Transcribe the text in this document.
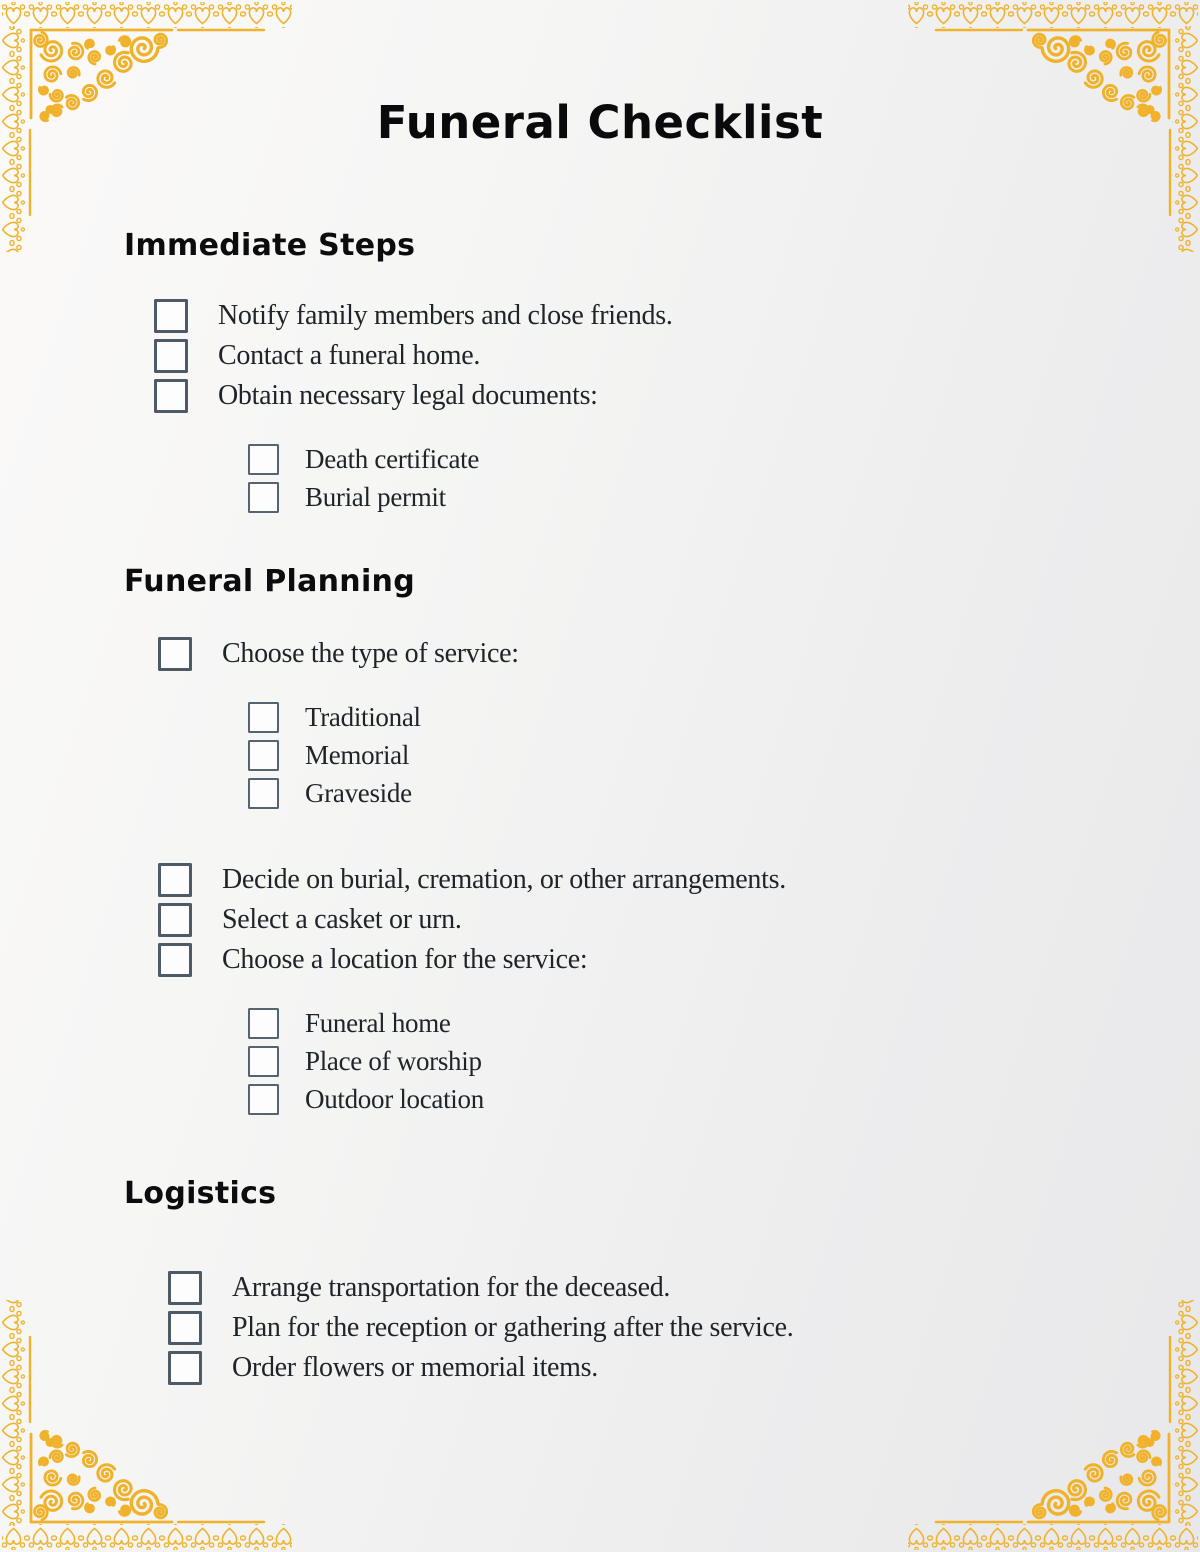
Funeral Checklist
Immediate Steps
Notify family members and close friends.
Contact a funeral home.
Obtain necessary legal documents:
Death certificate
Burial permit
Funeral Planning
Choose the type of service:
Traditional
Memorial
Graveside
Decide on burial, cremation, or other arrangements.
Select a casket or urn.
Choose a location for the service:
Funeral home
Place of worship
Outdoor location
Logistics
Arrange transportation for the deceased.
Plan for the reception or gathering after the service.
Order flowers or memorial items.
